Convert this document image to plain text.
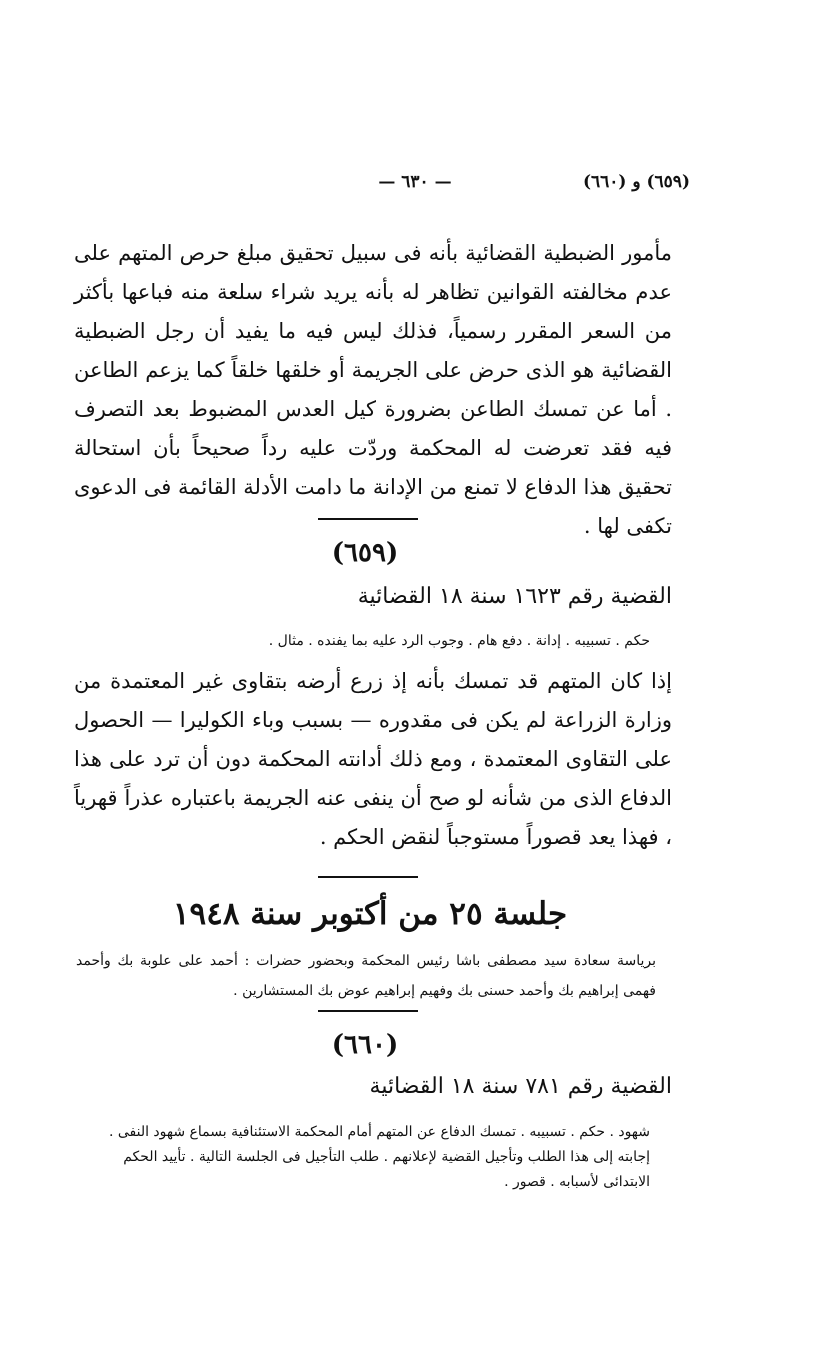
(٦٥٩) و (٦٦٠)
— ٦٣٠ —
مأمور الضبطية القضائية بأنه فى سبيل تحقيق مبلغ حرص المتهم على عدم مخالفته القوانين تظاهر له بأنه يريد شراء سلعة منه فباعها بأكثر من السعر المقرر رسمياً، فذلك ليس فيه ما يفيد أن رجل الضبطية القضائية هو الذى حرض على الجريمة أو خلقها خلقاً كما يزعم الطاعن . أما عن تمسك الطاعن بضرورة كيل العدس المضبوط بعد التصرف فيه فقد تعرضت له المحكمة وردّت عليه رداً صحيحاً بأن استحالة تحقيق هذا الدفاع لا تمنع من الإدانة ما دامت الأدلة القائمة فى الدعوى تكفى لها .
(٦٥٩)
القضية رقم ١٦٢٣ سنة ١٨ القضائية
حكم . تسبيبه . إدانة . دفع هام . وجوب الرد عليه بما يفنده . مثال .
إذا كان المتهم قد تمسك بأنه إذ زرع أرضه بتقاوى غير المعتمدة من وزارة الزراعة لم يكن فى مقدوره — بسبب وباء الكوليرا — الحصول على التقاوى المعتمدة ، ومع ذلك أدانته المحكمة دون أن ترد على هذا الدفاع الذى من شأنه لو صح أن ينفى عنه الجريمة باعتباره عذراً قهرياً ، فهذا يعد قصوراً مستوجباً لنقض الحكم .
جلسة ٢٥ من أكتوبر سنة ١٩٤٨
برياسة سعادة سيد مصطفى باشا رئيس المحكمة وبحضور حضرات : أحمد على علوبة بك وأحمد فهمى إبراهيم بك وأحمد حسنى بك وفهيم إبراهيم عوض بك المستشارين .
(٦٦٠)
القضية رقم ٧٨١ سنة ١٨ القضائية
شهود . حكم . تسبيبه . تمسك الدفاع عن المتهم أمام المحكمة الاستئنافية بسماع شهود النفى . إجابته إلى هذا الطلب وتأجيل القضية لإعلانهم . طلب التأجيل فى الجلسة التالية . تأييد الحكم الابتدائى لأسبابه . قصور .
